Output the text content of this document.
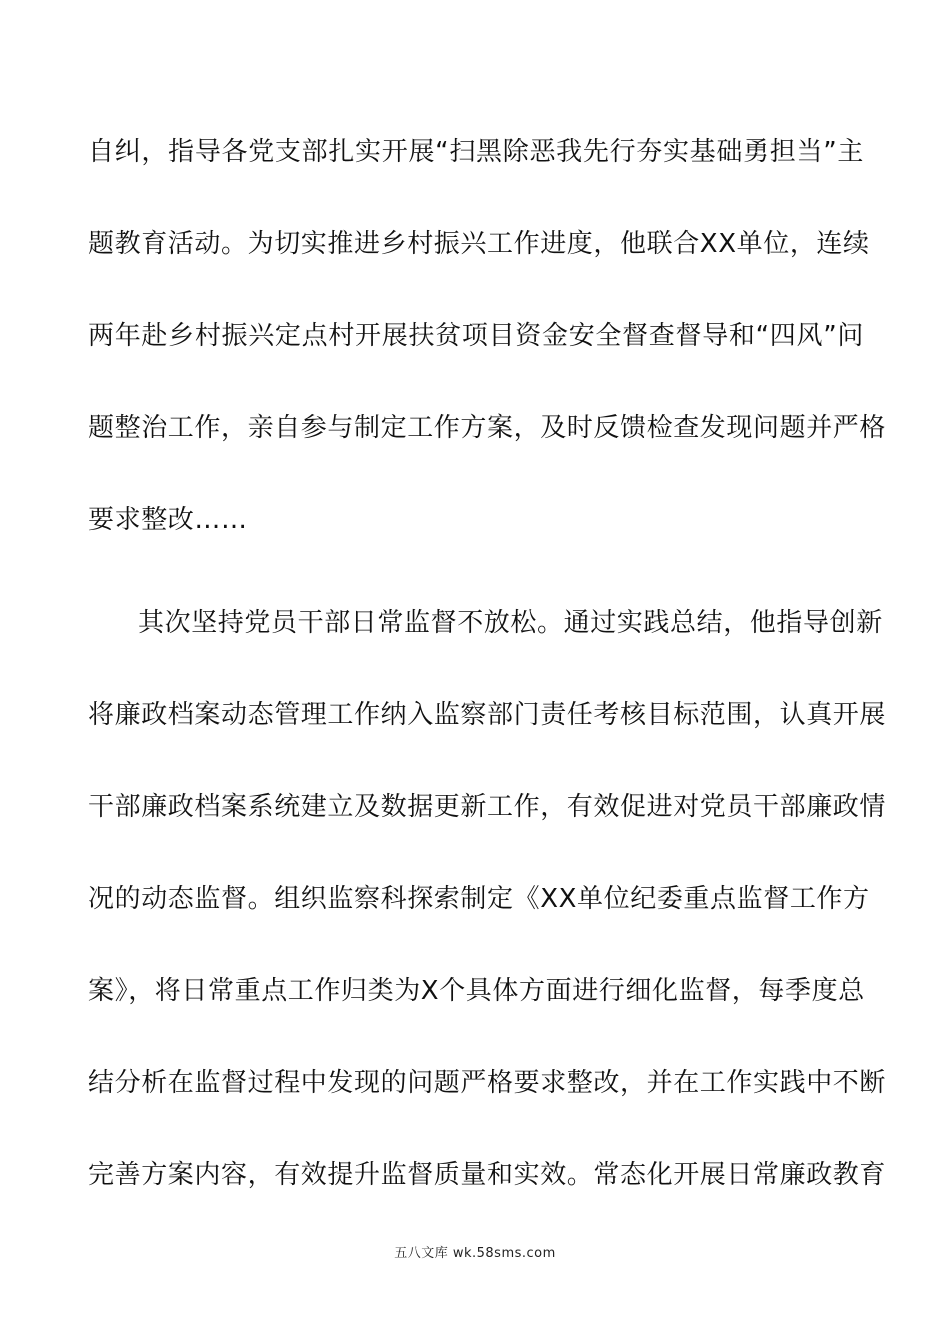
自纠，指导各党支部扎实开展“扫黑除恶我先行夯实基础勇担当”主
题教育活动。为切实推进乡村振兴工作进度，他联合XX单位，连续
两年赴乡村振兴定点村开展扶贫项目资金安全督查督导和“四风”问
题整治工作，亲自参与制定工作方案，及时反馈检查发现问题并严格
要求整改……
其次坚持党员干部日常监督不放松。通过实践总结，他指导创新
将廉政档案动态管理工作纳入监察部门责任考核目标范围，认真开展
干部廉政档案系统建立及数据更新工作，有效促进对党员干部廉政情
况的动态监督。组织监察科探索制定《XX单位纪委重点监督工作方
案》，将日常重点工作归类为X个具体方面进行细化监督，每季度总
结分析在监督过程中发现的问题严格要求整改，并在工作实践中不断
完善方案内容，有效提升监督质量和实效。常态化开展日常廉政教育
五八文库 wk.58sms.com
